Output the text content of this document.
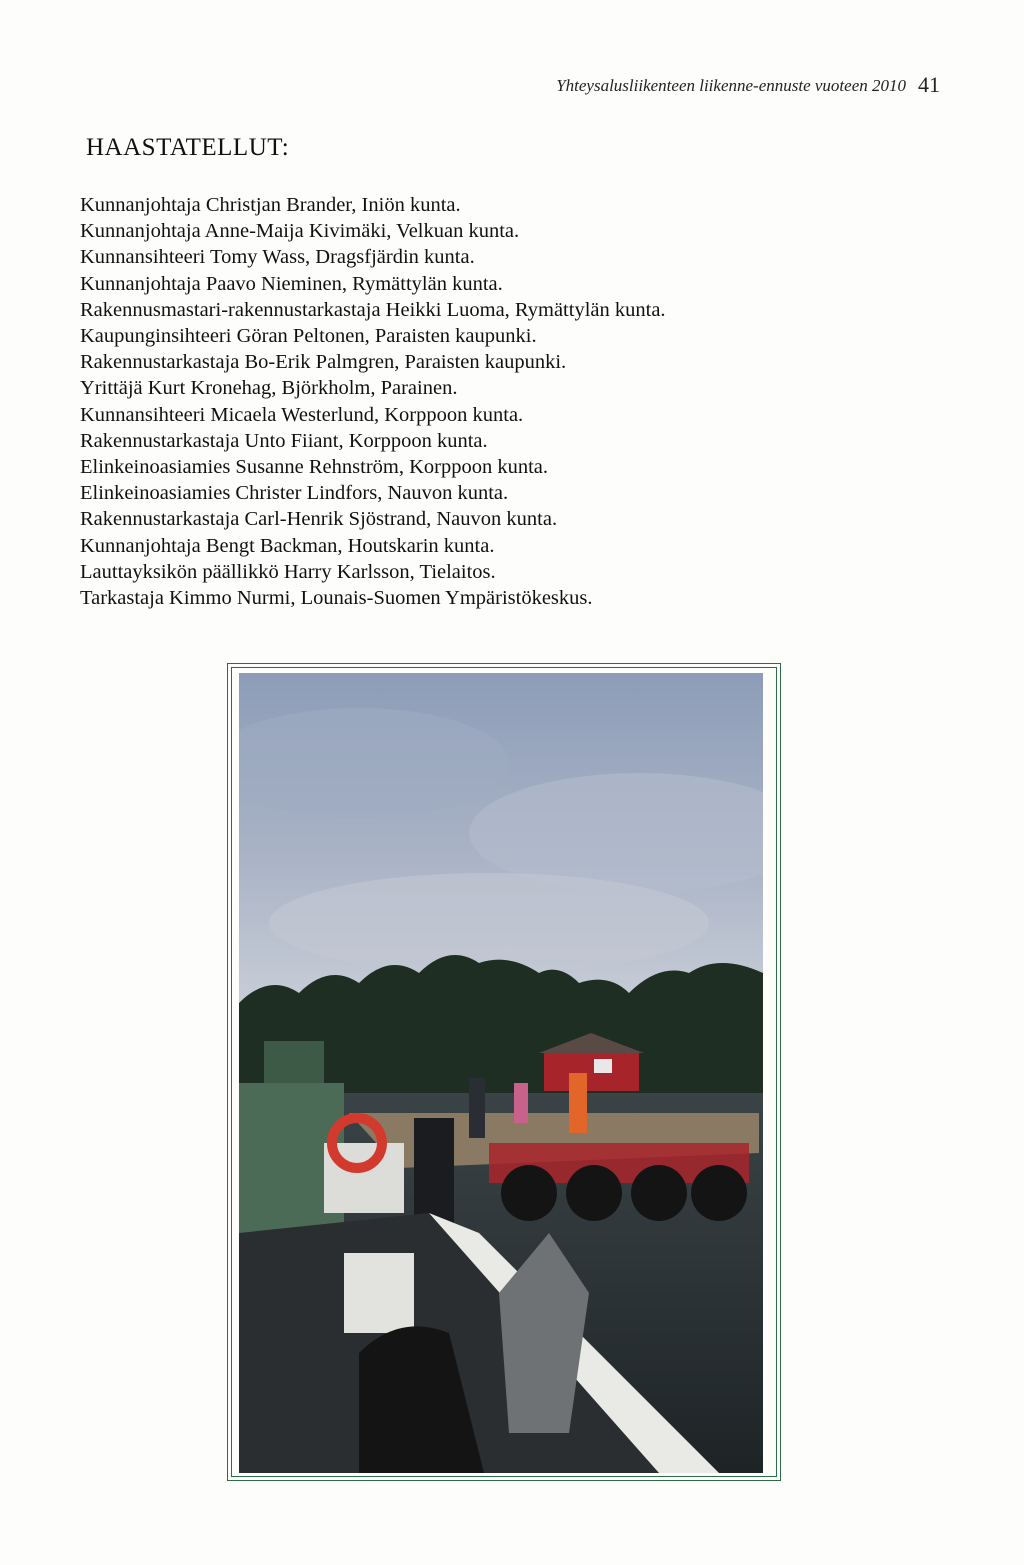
Yhteysalusliikenteen liikenne-ennuste vuoteen 2010 41
HAASTATELLUT:
Kunnanjohtaja Christjan Brander, Iniön kunta.
Kunnanjohtaja Anne-Maija Kivimäki, Velkuan kunta.
Kunnansihteeri Tomy Wass, Dragsfjärdin kunta.
Kunnanjohtaja Paavo Nieminen, Rymättylän kunta.
Rakennusmastari-rakennustarkastaja Heikki Luoma, Rymättylän kunta.
Kaupunginsihteeri Göran Peltonen, Paraisten kaupunki.
Rakennustarkastaja Bo-Erik Palmgren, Paraisten kaupunki.
Yrittäjä Kurt Kronehag, Björkholm, Parainen.
Kunnansihteeri Micaela Westerlund, Korppoon kunta.
Rakennustarkastaja Unto Fiiant, Korppoon kunta.
Elinkeinoasiamies Susanne Rehnström, Korppoon kunta.
Elinkeinoasiamies Christer Lindfors, Nauvon kunta.
Rakennustarkastaja Carl-Henrik Sjöstrand, Nauvon kunta.
Kunnanjohtaja Bengt Backman, Houtskarin kunta.
Lauttayksikön päällikkö Harry Karlsson, Tielaitos.
Tarkastaja Kimmo Nurmi, Lounais-Suomen Ympäristökeskus.
